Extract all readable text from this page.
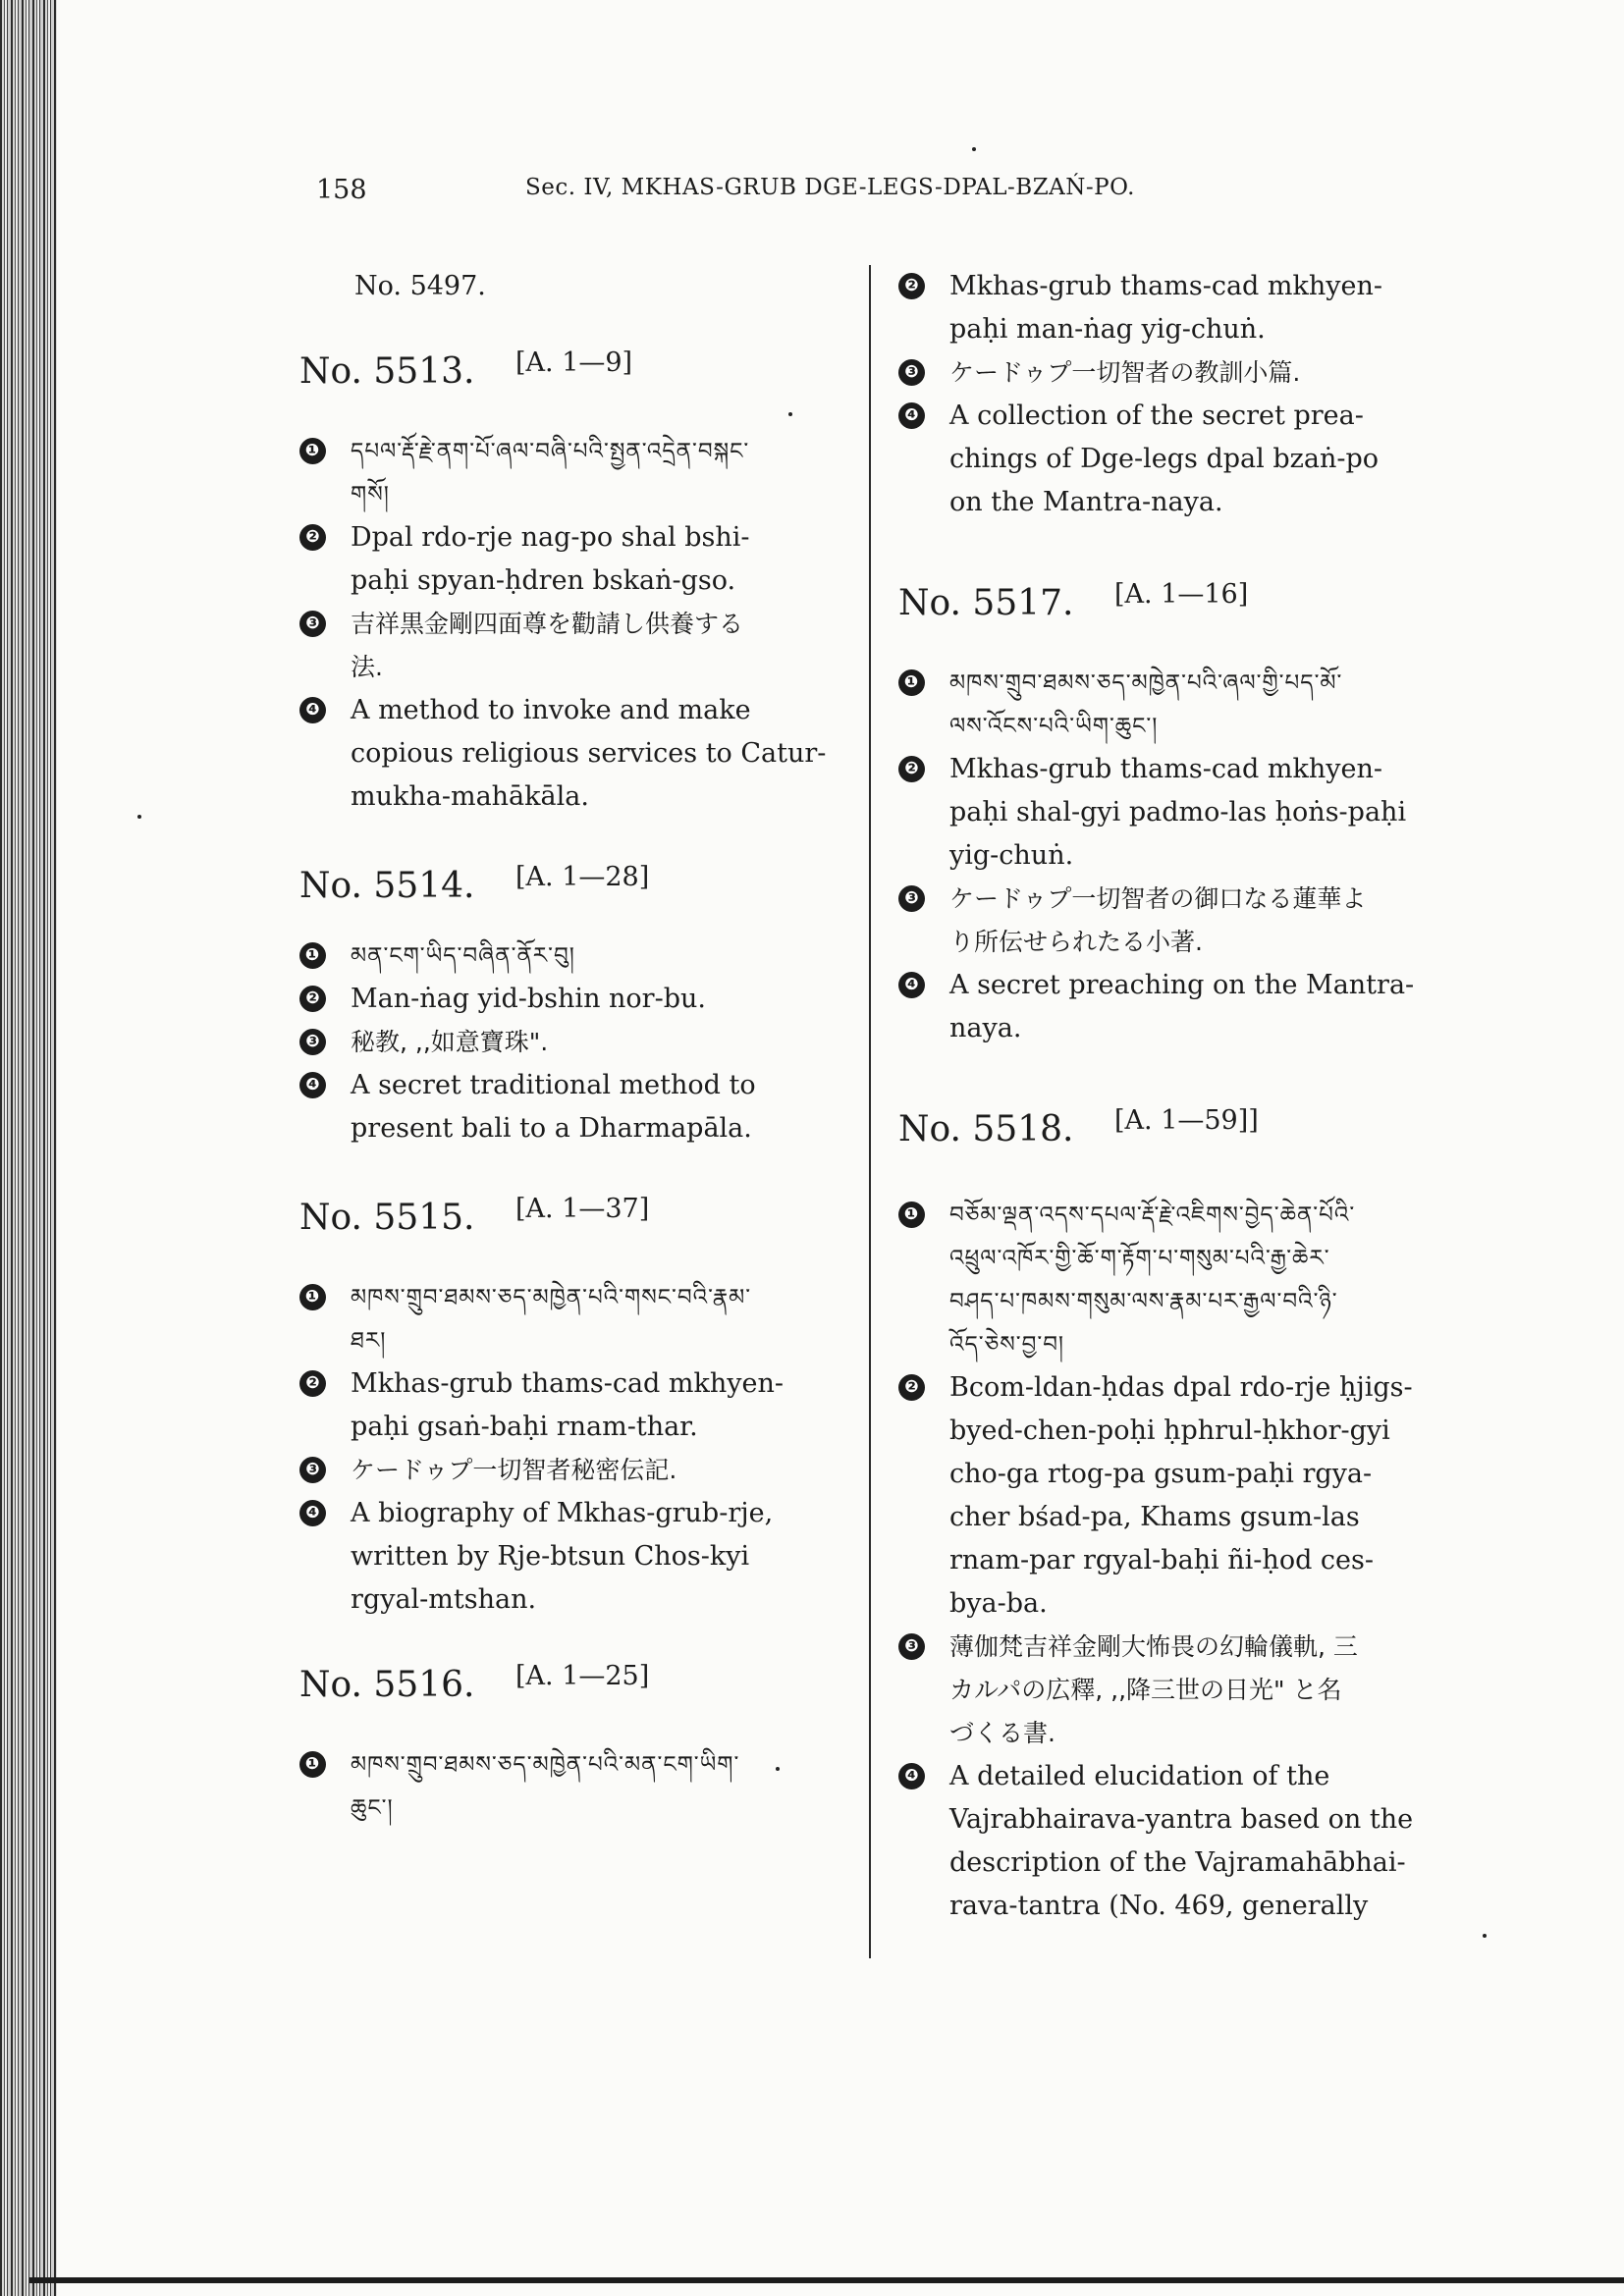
158	Sec. IV, MKHAS-GRUB DGE-LEGS-DPAL-BZAŃ-PO.
No. 5497.
No. 5513. [A. 1—9]
❶ དཔལ་རྡོ་རྗེ་ནག་པོ་ཞལ་བཞི་པའི་སྤྱན་འདྲེན་བསྐང་
གསོ།
❷ Dpal rdo-rje nag-po shal bshi-
paḥi spyan-ḥdren bskaṅ-gso.
❸ 吉祥黒金剛四面尊を勸請し供養する
法.
❹ A method to invoke and make
copious religious services to Catur-
mukha-mahākāla.
No. 5514. [A. 1—28]
❶ མན་ངག་ཡིད་བཞིན་ནོར་བུ།
❷ Man-ṅag yid-bshin nor-bu.
❸ 秘教, ,,如意寶珠".
❹ A secret traditional method to
present bali to a Dharmapāla.
No. 5515. [A. 1—37]
❶ མཁས་གྲུབ་ཐམས་ཅད་མཁྱེན་པའི་གསང་བའི་རྣམ་
ཐར།
❷ Mkhas-grub thams-cad mkhyen-
paḥi gsaṅ-baḥi rnam-thar.
❸ ケードゥプ一切智者秘密伝記.
❹ A biography of Mkhas-grub-rje,
written by Rje-btsun Chos-kyi
rgyal-mtshan.
No. 5516. [A. 1—25]
❶ མཁས་གྲུབ་ཐམས་ཅད་མཁྱེན་པའི་མན་ངག་ཡིག་
ཆུང་།
❷ Mkhas-grub thams-cad mkhyen-
paḥi man-ṅag yig-chuṅ.
❸ ケードゥプ一切智者の教訓小篇.
❹ A collection of the secret prea-
chings of Dge-legs dpal bzaṅ-po
on the Mantra-naya.
No. 5517. [A. 1—16]
❶ མཁས་གྲུབ་ཐམས་ཅད་མཁྱེན་པའི་ཞལ་གྱི་པད་མོ་
ལས་འོངས་པའི་ཡིག་ཆུང་།
❷ Mkhas-grub thams-cad mkhyen-
paḥi shal-gyi padmo-las ḥoṅs-paḥi
yig-chuṅ.
❸ ケードゥプ一切智者の御口なる蓮華よ
り所伝せられたる小著.
❹ A secret preaching on the Mantra-
naya.
No. 5518. [A. 1—59]]
❶ བཅོམ་ལྡན་འདས་དཔལ་རྡོ་རྗེ་འཇིགས་བྱེད་ཆེན་པོའི་
འཕྲུལ་འཁོར་གྱི་ཆོ་ག་རྟོག་པ་གསུམ་པའི་རྒྱ་ཆེར་
བཤད་པ་ཁམས་གསུམ་ལས་རྣམ་པར་རྒྱལ་བའི་ཉི་
འོད་ཅེས་བྱ་བ།
❷ Bcom-ldan-ḥdas dpal rdo-rje ḥjigs-
byed-chen-poḥi ḥphrul-ḥkhor-gyi
cho-ga rtog-pa gsum-paḥi rgya-
cher bśad-pa, Khams gsum-las
rnam-par rgyal-baḥi ñi-ḥod ces-
bya-ba.
❸ 薄伽梵吉祥金剛大怖畏の幻輪儀軌, 三
カルパの広釋, ,,降三世の日光" と名
づくる書.
❹ A detailed elucidation of the
Vajrabhairava-yantra based on the
description of the Vajramahābhai-
rava-tantra (No. 469, generally
